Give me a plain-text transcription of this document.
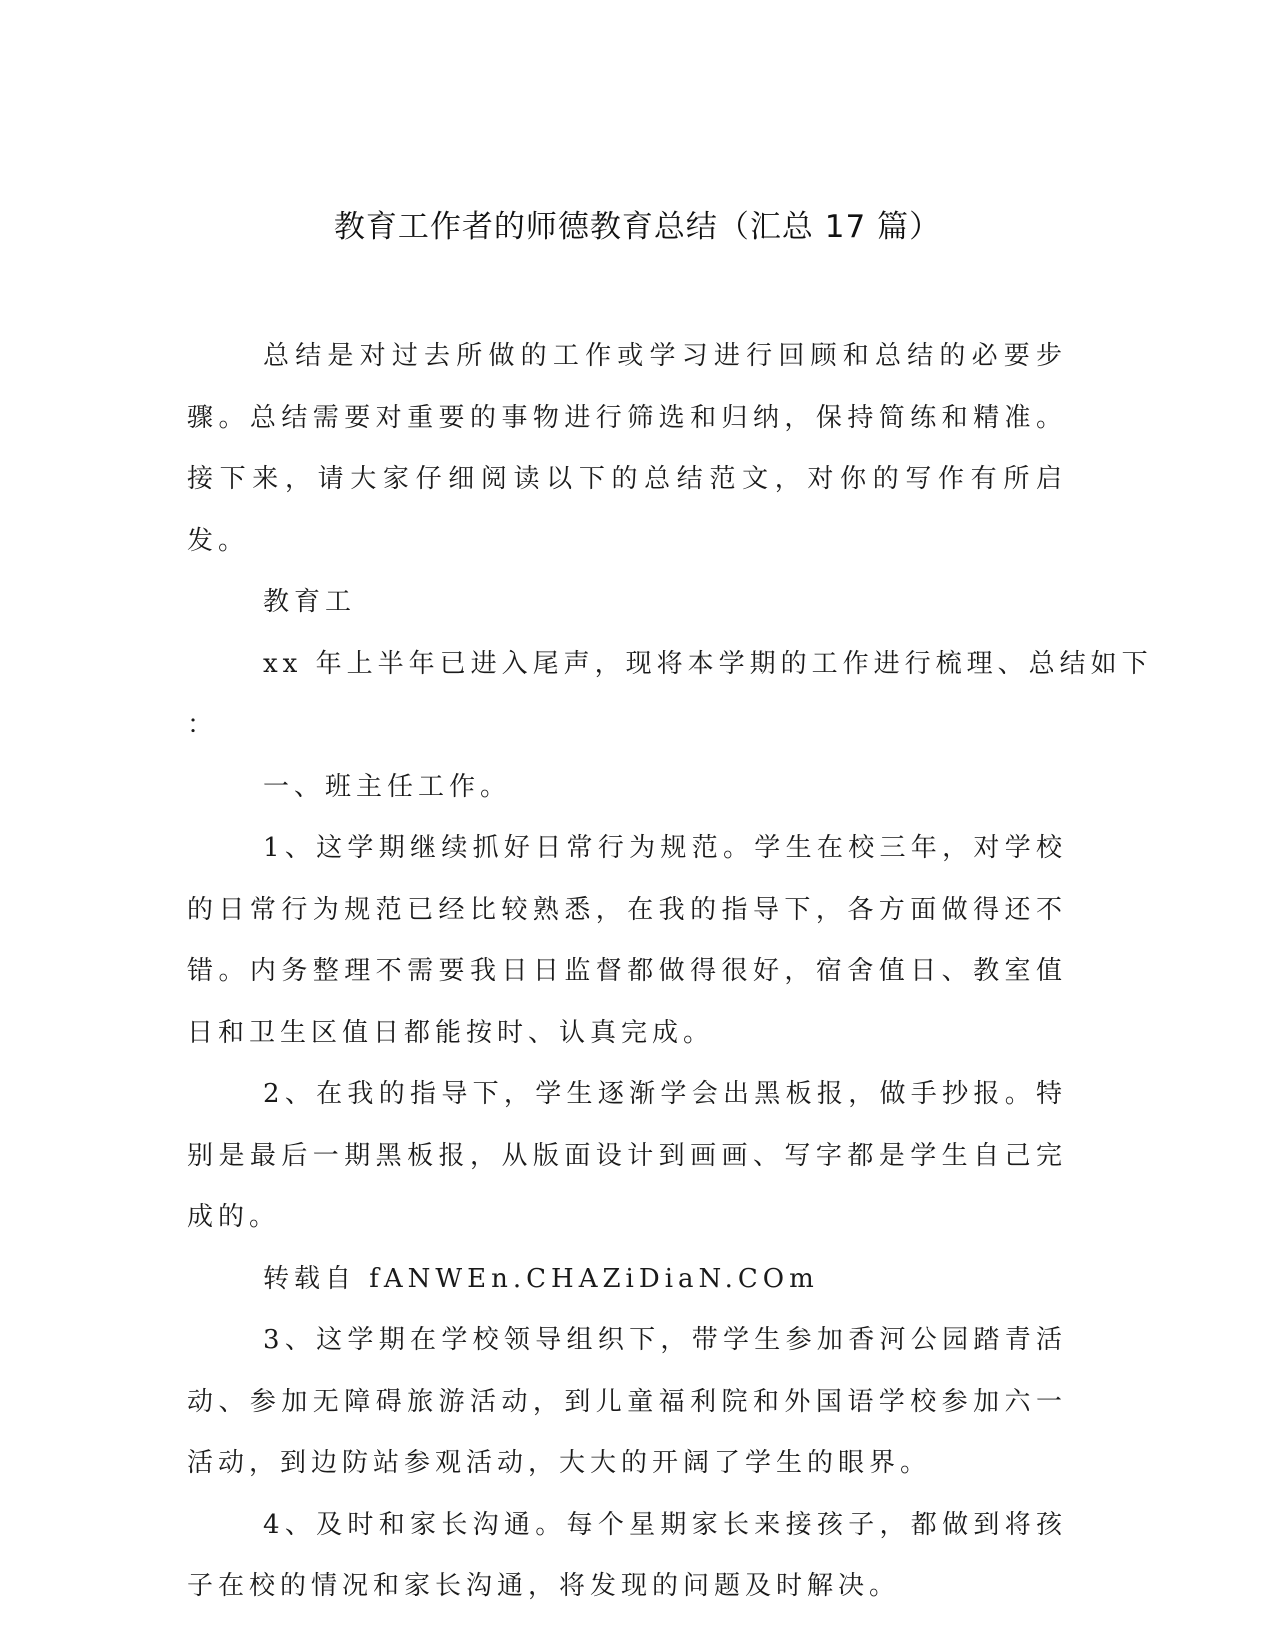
教育工作者的师德教育总结（汇总 17 篇）

总结是对过去所做的工作或学习进行回顾和总结的必要步骤。总结需要对重要的事物进行筛选和归纳，保持简练和精准。接下来，请大家仔细阅读以下的总结范文，对你的写作有所启发。

教育工

xx 年上半年已进入尾声，现将本学期的工作进行梳理、总结如下

：

一、班主任工作。

1、这学期继续抓好日常行为规范。学生在校三年，对学校的日常行为规范已经比较熟悉，在我的指导下，各方面做得还不错。内务整理不需要我日日监督都做得很好，宿舍值日、教室值日和卫生区值日都能按时、认真完成。

2、在我的指导下，学生逐渐学会出黑板报，做手抄报。特别是最后一期黑板报，从版面设计到画画、写字都是学生自己完成的。

转载自 fANWEn.CHAZiDiaN.COm

3、这学期在学校领导组织下，带学生参加香河公园踏青活动、参加无障碍旅游活动，到儿童福利院和外国语学校参加六一活动，到边防站参观活动，大大的开阔了学生的眼界。

4、及时和家长沟通。每个星期家长来接孩子，都做到将孩子在校的情况和家长沟通，将发现的问题及时解决。
